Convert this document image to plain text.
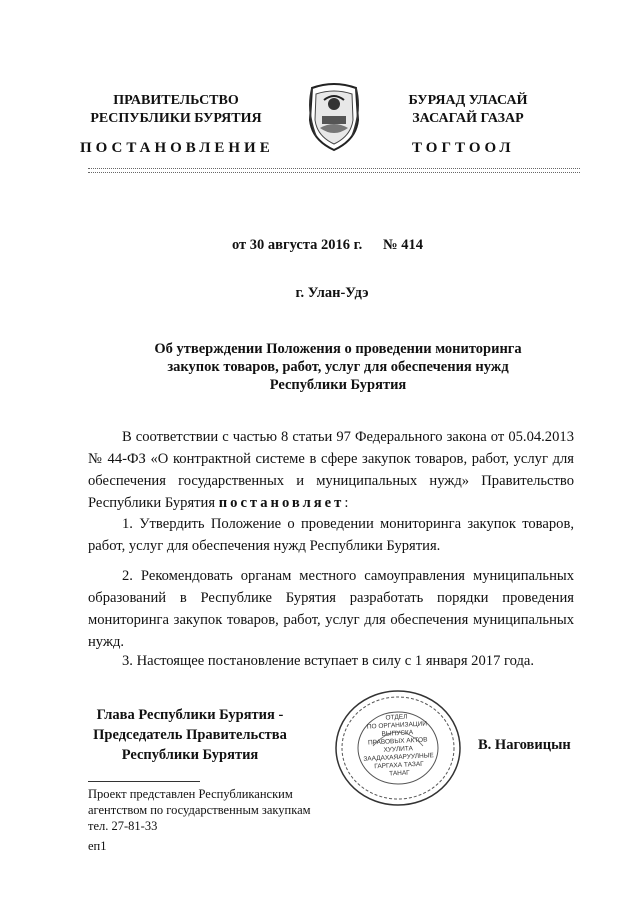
ПРАВИТЕЛЬСТВО
РЕСПУБЛИКИ БУРЯТИЯ
БУРЯАД УЛАСАЙ
ЗАСАГАЙ ГАЗАР
ПОСТАНОВЛЕНИЕ	ТОГТООЛ
от 30 августа 2016 г. № 414
г. Улан-Удэ
Об утверждении Положения о проведении мониторинга
закупок товаров, работ, услуг для обеспечения нужд
Республики Бурятия
В соответствии с частью 8 статьи 97 Федерального закона от 05.04.2013 № 44-ФЗ «О контрактной системе в сфере закупок товаров, работ, услуг для обеспечения государственных и муниципальных нужд» Правительство Республики Бурятия постановляет:
1. Утвердить Положение о проведении мониторинга закупок товаров, работ, услуг для обеспечения нужд Республики Бурятия.
2. Рекомендовать органам местного самоуправления муниципальных образований в Республике Бурятия разработать порядки проведения мониторинга закупок товаров, работ, услуг для обеспечения муниципальных нужд.
3. Настоящее постановление вступает в силу с 1 января 2017 года.
Глава Республики Бурятия -
Председатель Правительства
Республики Бурятия
ОТДЕЛ
ПО ОРГАНИЗАЦИИ
ВЫПУСКА
ПРАВОВЫХ АКТОВ
ХУУЛИТА
ЗААДАХАЯАРУУЛНЫЕ
ГАРГАХА ТАЗАГ
ТАНАГ
В. Наговицын
Проект представлен Республиканским
агентством по государственным закупкам
тел. 27-81-33
еп1
